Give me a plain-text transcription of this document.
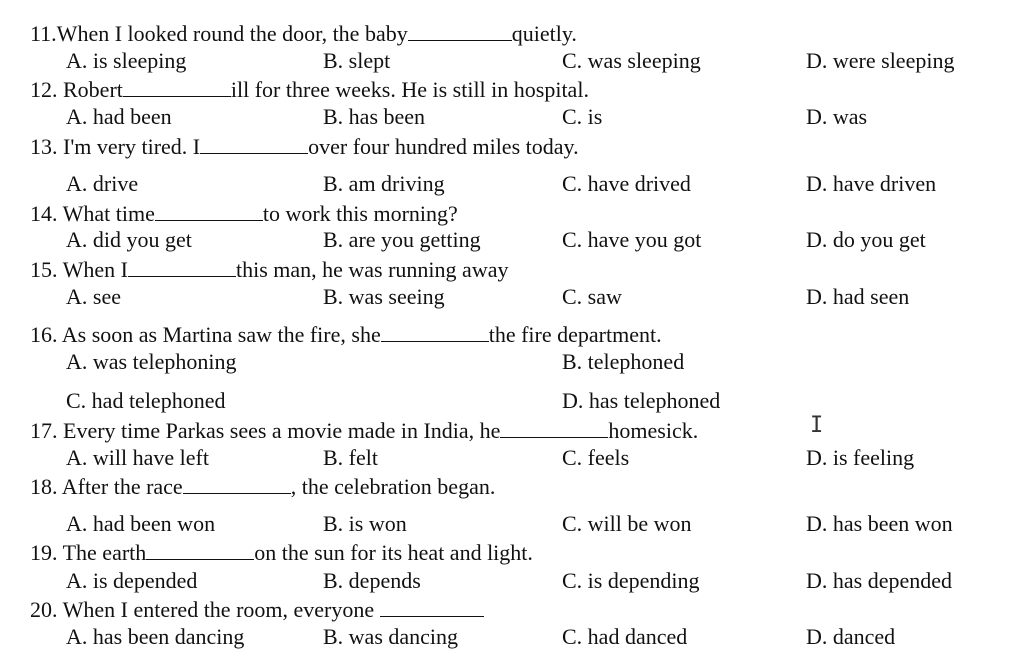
11.When I looked round the door, the baby	quietly.
A. is sleeping	B. slept	C. was sleeping	D. were sleeping
12. Robert	ill for three weeks. He is still in hospital.
A. had been	B. has been	C. is	D. was
13. I'm very tired. I	over four hundred miles today.
A. drive	B. am driving	C. have drived	D. have driven
14. What time	to work this morning?
A. did you get	B. are you getting	C. have you got	D. do you get
15. When I	this man, he was running away
A. see	B. was seeing	C. saw	D. had seen
16. As soon as Martina saw the fire, she	the fire department.
A. was telephoning	B. telephoned
C. had telephoned	D. has telephoned
17. Every time Parkas sees a movie made in India, he	homesick.	I
A. will have left	B. felt	C. feels	D. is feeling
18. After the race	, the celebration began.
A. had been won	B. is won	C. will be won	D. has been won
19. The earth	on the sun for its heat and light.
A. is depended	B. depends	C. is depending	D. has depended
20. When I entered the room, everyone
A. has been dancing	B. was dancing	C. had danced	D. danced
